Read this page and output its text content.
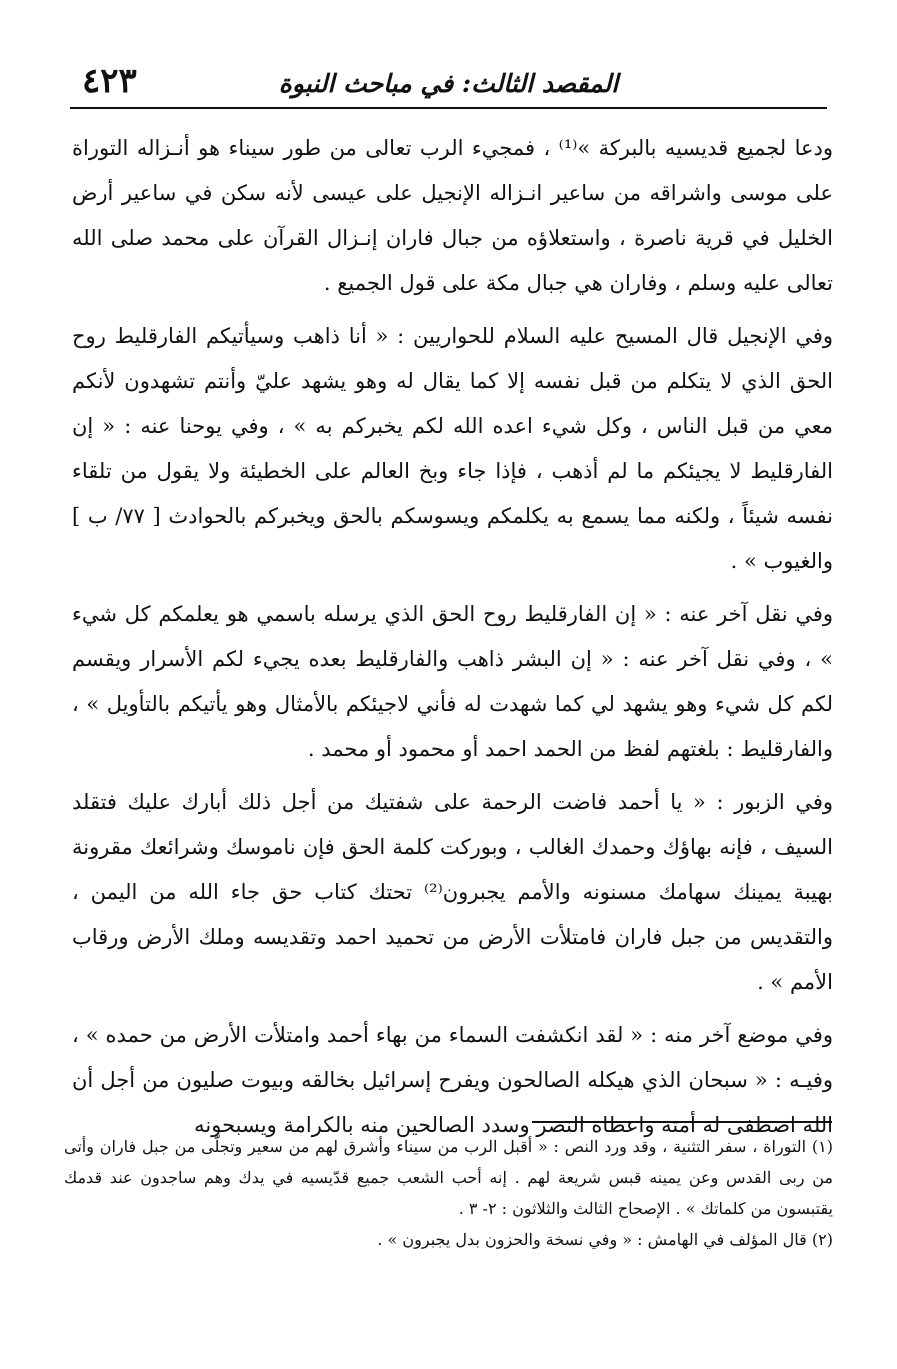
٤٢٣	المقصد الثالث: في مباحث النبوة

ودعا لجميع قديسيه بالبركة »⁽¹⁾ ، فمجيء الرب تعالى من طور سيناء هو أنـزاله التوراة على موسى واشراقه من ساعير انـزاله الإنجيل على عيسى لأنه سكن في ساعير أرض الخليل في قرية ناصرة ، واستعلاؤه من جبال فاران إنـزال القرآن على محمد صلى الله تعالى عليه وسلم ، وفاران هي جبال مكة على قول الجميع .

وفي الإنجيل قال المسيح عليه السلام للحواريين : « أنا ذاهب وسيأتيكم الفارقليط روح الحق الذي لا يتكلم من قبل نفسه إلا كما يقال له وهو يشهد عليّ وأنتم تشهدون لأنكم معي من قبل الناس ، وكل شيء اعده الله لكم يخبركم به » ، وفي يوحنا عنه : « إن الفارقليط لا يجيئكم ما لم أذهب ، فإذا جاء وبخ العالم على الخطيئة ولا يقول من تلقاء نفسه شيئاً ، ولكنه مما يسمع به يكلمكم ويسوسكم بالحق ويخبركم بالحوادث [ ٧٧/ ب ] والغيوب » .

وفي نقل آخر عنه : « إن الفارقليط روح الحق الذي يرسله باسمي هو يعلمكم كل شيء » ، وفي نقل آخر عنه : « إن البشر ذاهب والفارقليط بعده يجيء لكم الأسرار ويقسم لكم كل شيء وهو يشهد لي كما شهدت له فأني لاجيئكم بالأمثال وهو يأتيكم بالتأويل » ، والفارقليط : بلغتهم لفظ من الحمد احمد أو محمود أو محمد .

وفي الزبور : « يا أحمد فاضت الرحمة على شفتيك من أجل ذلك أبارك عليك فتقلد السيف ، فإنه بهاؤك وحمدك الغالب ، وبوركت كلمة الحق فإن ناموسك وشرائعك مقرونة بهيبة يمينك سهامك مسنونه والأمم يجبرون⁽²⁾ تحتك كتاب حق جاء الله من اليمن ، والتقديس من جبل فاران فامتلأت الأرض من تحميد احمد وتقديسه وملك الأرض ورقاب الأمم » .

وفي موضع آخر منه : « لقد انكشفت السماء من بهاء أحمد وامتلأت الأرض من حمده » ، وفيـه : « سبحان الذي هيكله الصالحون ويفرح إسرائيل بخالقه وبيوت صليون من أجل أن الله اصطفى له أمته واعطاه النصر وسدد الصالحين منه بالكرامة ويسبحونه

(١) التوراة ، سفر التثنية ، وقد ورد النص : « أقبل الرب من سيناء وأشرق لهم من سعير وتجلّى من جبل فاران وأتى من ربى القدس وعن يمينه قبس شريعة لهم . إنه أحب الشعب جميع قدّيسيه في يدك وهم ساجدون عند قدمك يقتبسون من كلماتك » . الإصحاح الثالث والثلاثون : ٢- ٣ .

(٢) قال المؤلف في الهامش : « وفي نسخة والحزون بدل يجبرون » .
